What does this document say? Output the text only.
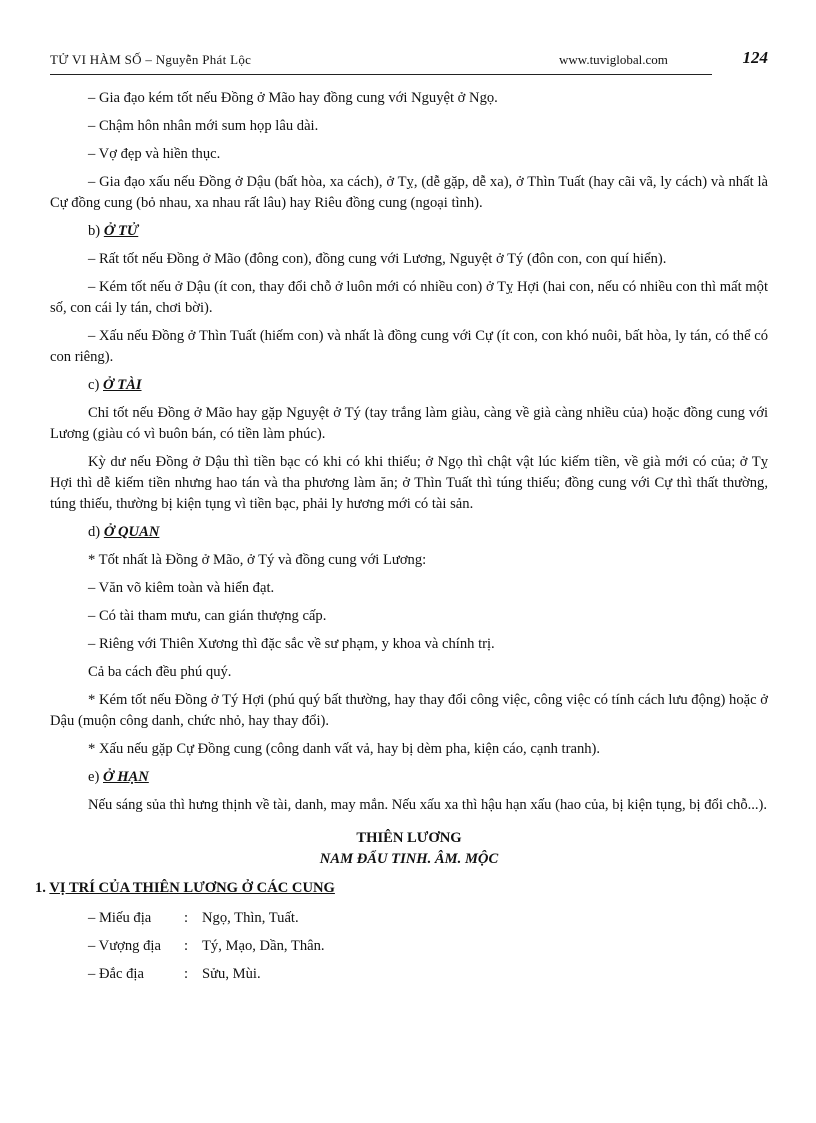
TỬ VI HÀM SỐ – Nguyễn Phát Lộc	www.tuviglobal.com	124

– Gia đạo kém tốt nếu Đồng ở Mão hay đồng cung với Nguyệt ở Ngọ.

– Chậm hôn nhân mới sum họp lâu dài.

– Vợ đẹp và hiền thục.

– Gia đạo xấu nếu Đồng ở Dậu (bất hòa, xa cách), ở Tỵ, (dễ gặp, dễ xa), ở Thìn Tuất (hay cãi vã, ly cách) và nhất là Cự đồng cung (bỏ nhau, xa nhau rất lâu) hay Riêu đồng cung (ngoại tình).

b) Ở TỬ

– Rất tốt nếu Đồng ở Mão (đông con), đồng cung với Lương, Nguyệt ở Tý (đôn con, con quí hiển).

– Kém tốt nếu ở Dậu (ít con, thay đổi chỗ ở luôn mới có nhiều con) ở Tỵ Hợi (hai con, nếu có nhiều con thì mất một số, con cái ly tán, chơi bời).

– Xấu nếu Đồng ở Thìn Tuất (hiếm con) và nhất là đồng cung với Cự (ít con, con khó nuôi, bất hòa, ly tán, có thể có con riêng).

c) Ở TÀI

Chỉ tốt nếu Đồng ở Mão hay gặp Nguyệt ở Tý (tay trắng làm giàu, càng về già càng nhiều của) hoặc đồng cung với Lương (giàu có vì buôn bán, có tiền làm phúc).

Kỳ dư nếu Đồng ở Dậu thì tiền bạc có khi có khi thiếu; ở Ngọ thì chật vật lúc kiếm tiền, về già mới có của; ở Tỵ Hợi thì dễ kiếm tiền nhưng hao tán và tha phương làm ăn; ở Thìn Tuất thì túng thiếu; đồng cung với Cự thì thất thường, túng thiếu, thường bị kiện tụng vì tiền bạc, phải ly hương mới có tài sản.

d) Ở QUAN

* Tốt nhất là Đồng ở Mão, ở Tý và đồng cung với Lương:

– Văn võ kiêm toàn và hiển đạt.

– Có tài tham mưu, can gián thượng cấp.

– Riêng với Thiên Xương thì đặc sắc về sư phạm, y khoa và chính trị.

Cả ba cách đều phú quý.

* Kém tốt nếu Đồng ở Tý Hợi (phú quý bất thường, hay thay đổi công việc, công việc có tính cách lưu động) hoặc ở Dậu (muộn công danh, chức nhỏ, hay thay đổi).

* Xấu nếu gặp Cự Đồng cung (công danh vất vả, hay bị dèm pha, kiện cáo, cạnh tranh).

e) Ở HẠN

Nếu sáng sủa thì hưng thịnh về tài, danh, may mắn. Nếu xấu xa thì hậu hạn xấu (hao của, bị kiện tụng, bị đổi chỗ...).

THIÊN LƯƠNG

NAM ĐẨU TINH. ÂM. MỘC

1. VỊ TRÍ CỦA THIÊN LƯƠNG Ở CÁC CUNG

– Miếu địa	: Ngọ, Thìn, Tuất.
– Vượng địa	: Tý, Mạo, Dần, Thân.
– Đắc địa	: Sửu, Mùi.
